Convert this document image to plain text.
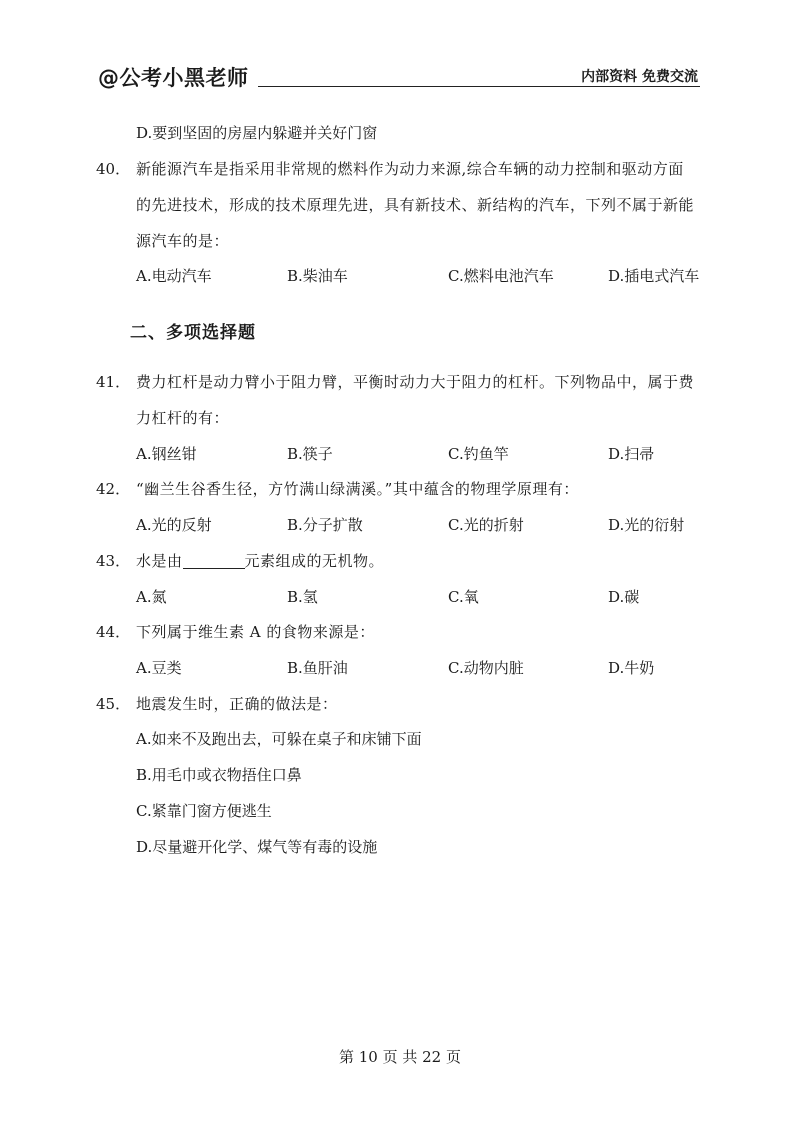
@公考小黑老师	内部资料 免费交流
D.要到坚固的房屋内躲避并关好门窗
40． 新能源汽车是指采用非常规的燃料作为动力来源,综合车辆的动力控制和驱动方面
的先进技术，形成的技术原理先进，具有新技术、新结构的汽车，下列不属于新能
源汽车的是：
A.电动汽车	B.柴油车	C.燃料电池汽车	D.插电式汽车
二、多项选择题
41． 费力杠杆是动力臂小于阻力臂，平衡时动力大于阻力的杠杆。下列物品中，属于费
力杠杆的有：
A.钢丝钳	B.筷子	C.钓鱼竿	D.扫帚
42． “幽兰生谷香生径，方竹满山绿满溪。”其中蕴含的物理学原理有：
A.光的反射	B.分子扩散	C.光的折射	D.光的衍射
43． 水是由	元素组成的无机物。
A.氮	B.氢	C.氧	D.碳
44． 下列属于维生素 A 的食物来源是：
A.豆类	B.鱼肝油	C.动物内脏	D.牛奶
45． 地震发生时，正确的做法是：
A.如来不及跑出去，可躲在桌子和床铺下面
B.用毛巾或衣物捂住口鼻
C.紧靠门窗方便逃生
D.尽量避开化学、煤气等有毒的设施
第 10 页 共 22 页
